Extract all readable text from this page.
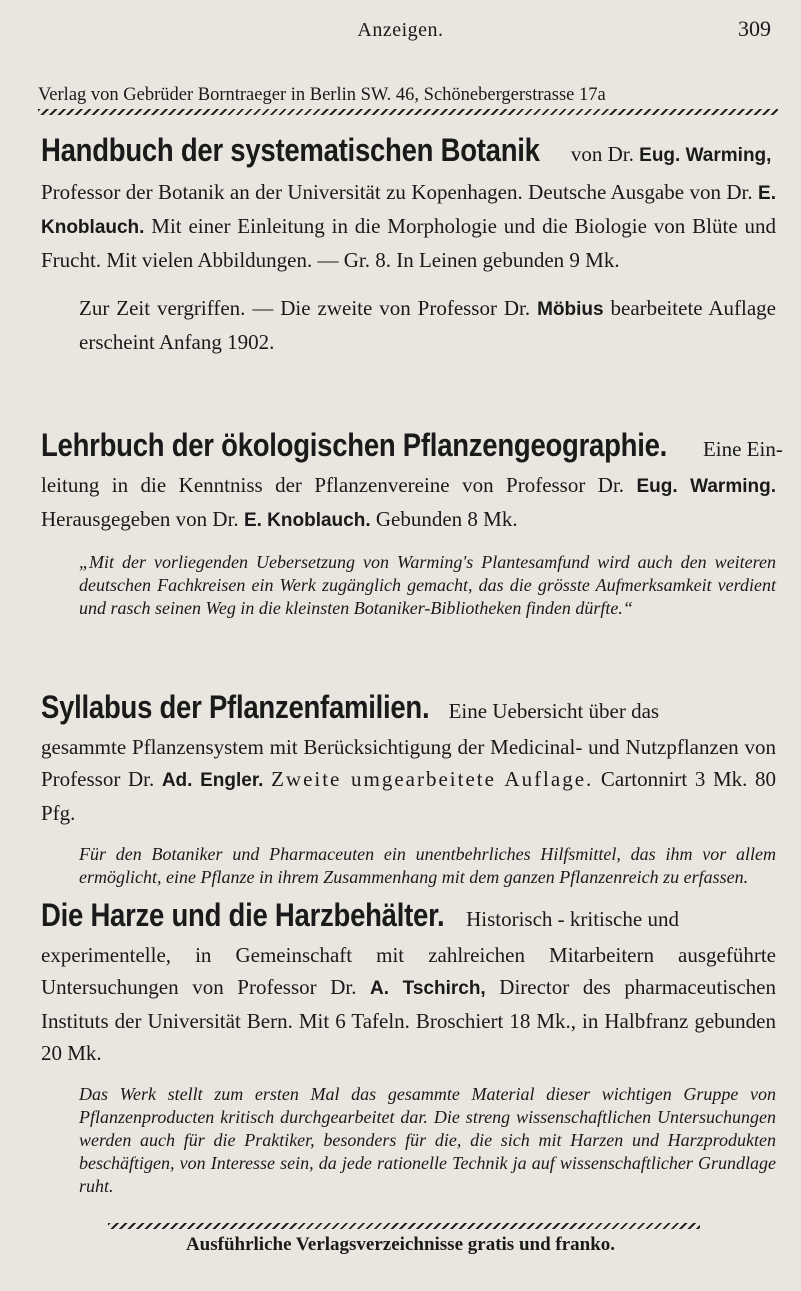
Anzeigen.	309
Verlag von Gebrüder Borntraeger in Berlin SW. 46, Schönebergerstrasse 17a

Handbuch der systematischen Botanik von Dr. Eug. Warming,

Professor der Botanik an der Universität zu Kopenhagen. Deutsche Ausgabe von Dr. E. Knoblauch. Mit einer Einleitung in die Morphologie und die Biologie von Blüte und Frucht. Mit vielen Abbildungen. — Gr. 8. In Leinen gebunden 9 Mk.

Zur Zeit vergriffen. — Die zweite von Professor Dr. Möbius bearbeitete Auflage erscheint Anfang 1902.

Lehrbuch der ökologischen Pflanzengeographie. Eine Ein-

leitung in die Kenntniss der Pflanzenvereine von Professor Dr. Eug. Warming. Herausgegeben von Dr. E. Knoblauch. Gebunden 8 Mk.

„Mit der vorliegenden Uebersetzung von Warming's Plantesamfund wird auch den weiteren deutschen Fachkreisen ein Werk zugänglich gemacht, das die grösste Aufmerksamkeit verdient und rasch seinen Weg in die kleinsten Botaniker-Bibliotheken finden dürfte.“

Syllabus der Pflanzenfamilien. Eine Uebersicht über das

gesammte Pflanzensystem mit Berücksichtigung der Medicinal- und Nutzpflanzen von Professor Dr. Ad. Engler. Zweite umgearbeitete Auflage. Cartonnirt 3 Mk. 80 Pfg.

Für den Botaniker und Pharmaceuten ein unentbehrliches Hilfsmittel, das ihm vor allem ermöglicht, eine Pflanze in ihrem Zusammenhang mit dem ganzen Pflanzenreich zu erfassen.

Die Harze und die Harzbehälter. Historisch - kritische und

experimentelle, in Gemeinschaft mit zahlreichen Mitarbeitern ausgeführte Untersuchungen von Professor Dr. A. Tschirch, Director des pharmaceutischen Instituts der Universität Bern. Mit 6 Tafeln. Broschiert 18 Mk., in Halbfranz gebunden 20 Mk.

Das Werk stellt zum ersten Mal das gesammte Material dieser wichtigen Gruppe von Pflanzenproducten kritisch durchgearbeitet dar. Die streng wissenschaftlichen Untersuchungen werden auch für die Praktiker, besonders für die, die sich mit Harzen und Harzprodukten beschäftigen, von Interesse sein, da jede rationelle Technik ja auf wissenschaftlicher Grundlage ruht.

Ausführliche Verlagsverzeichnisse gratis und franko.
